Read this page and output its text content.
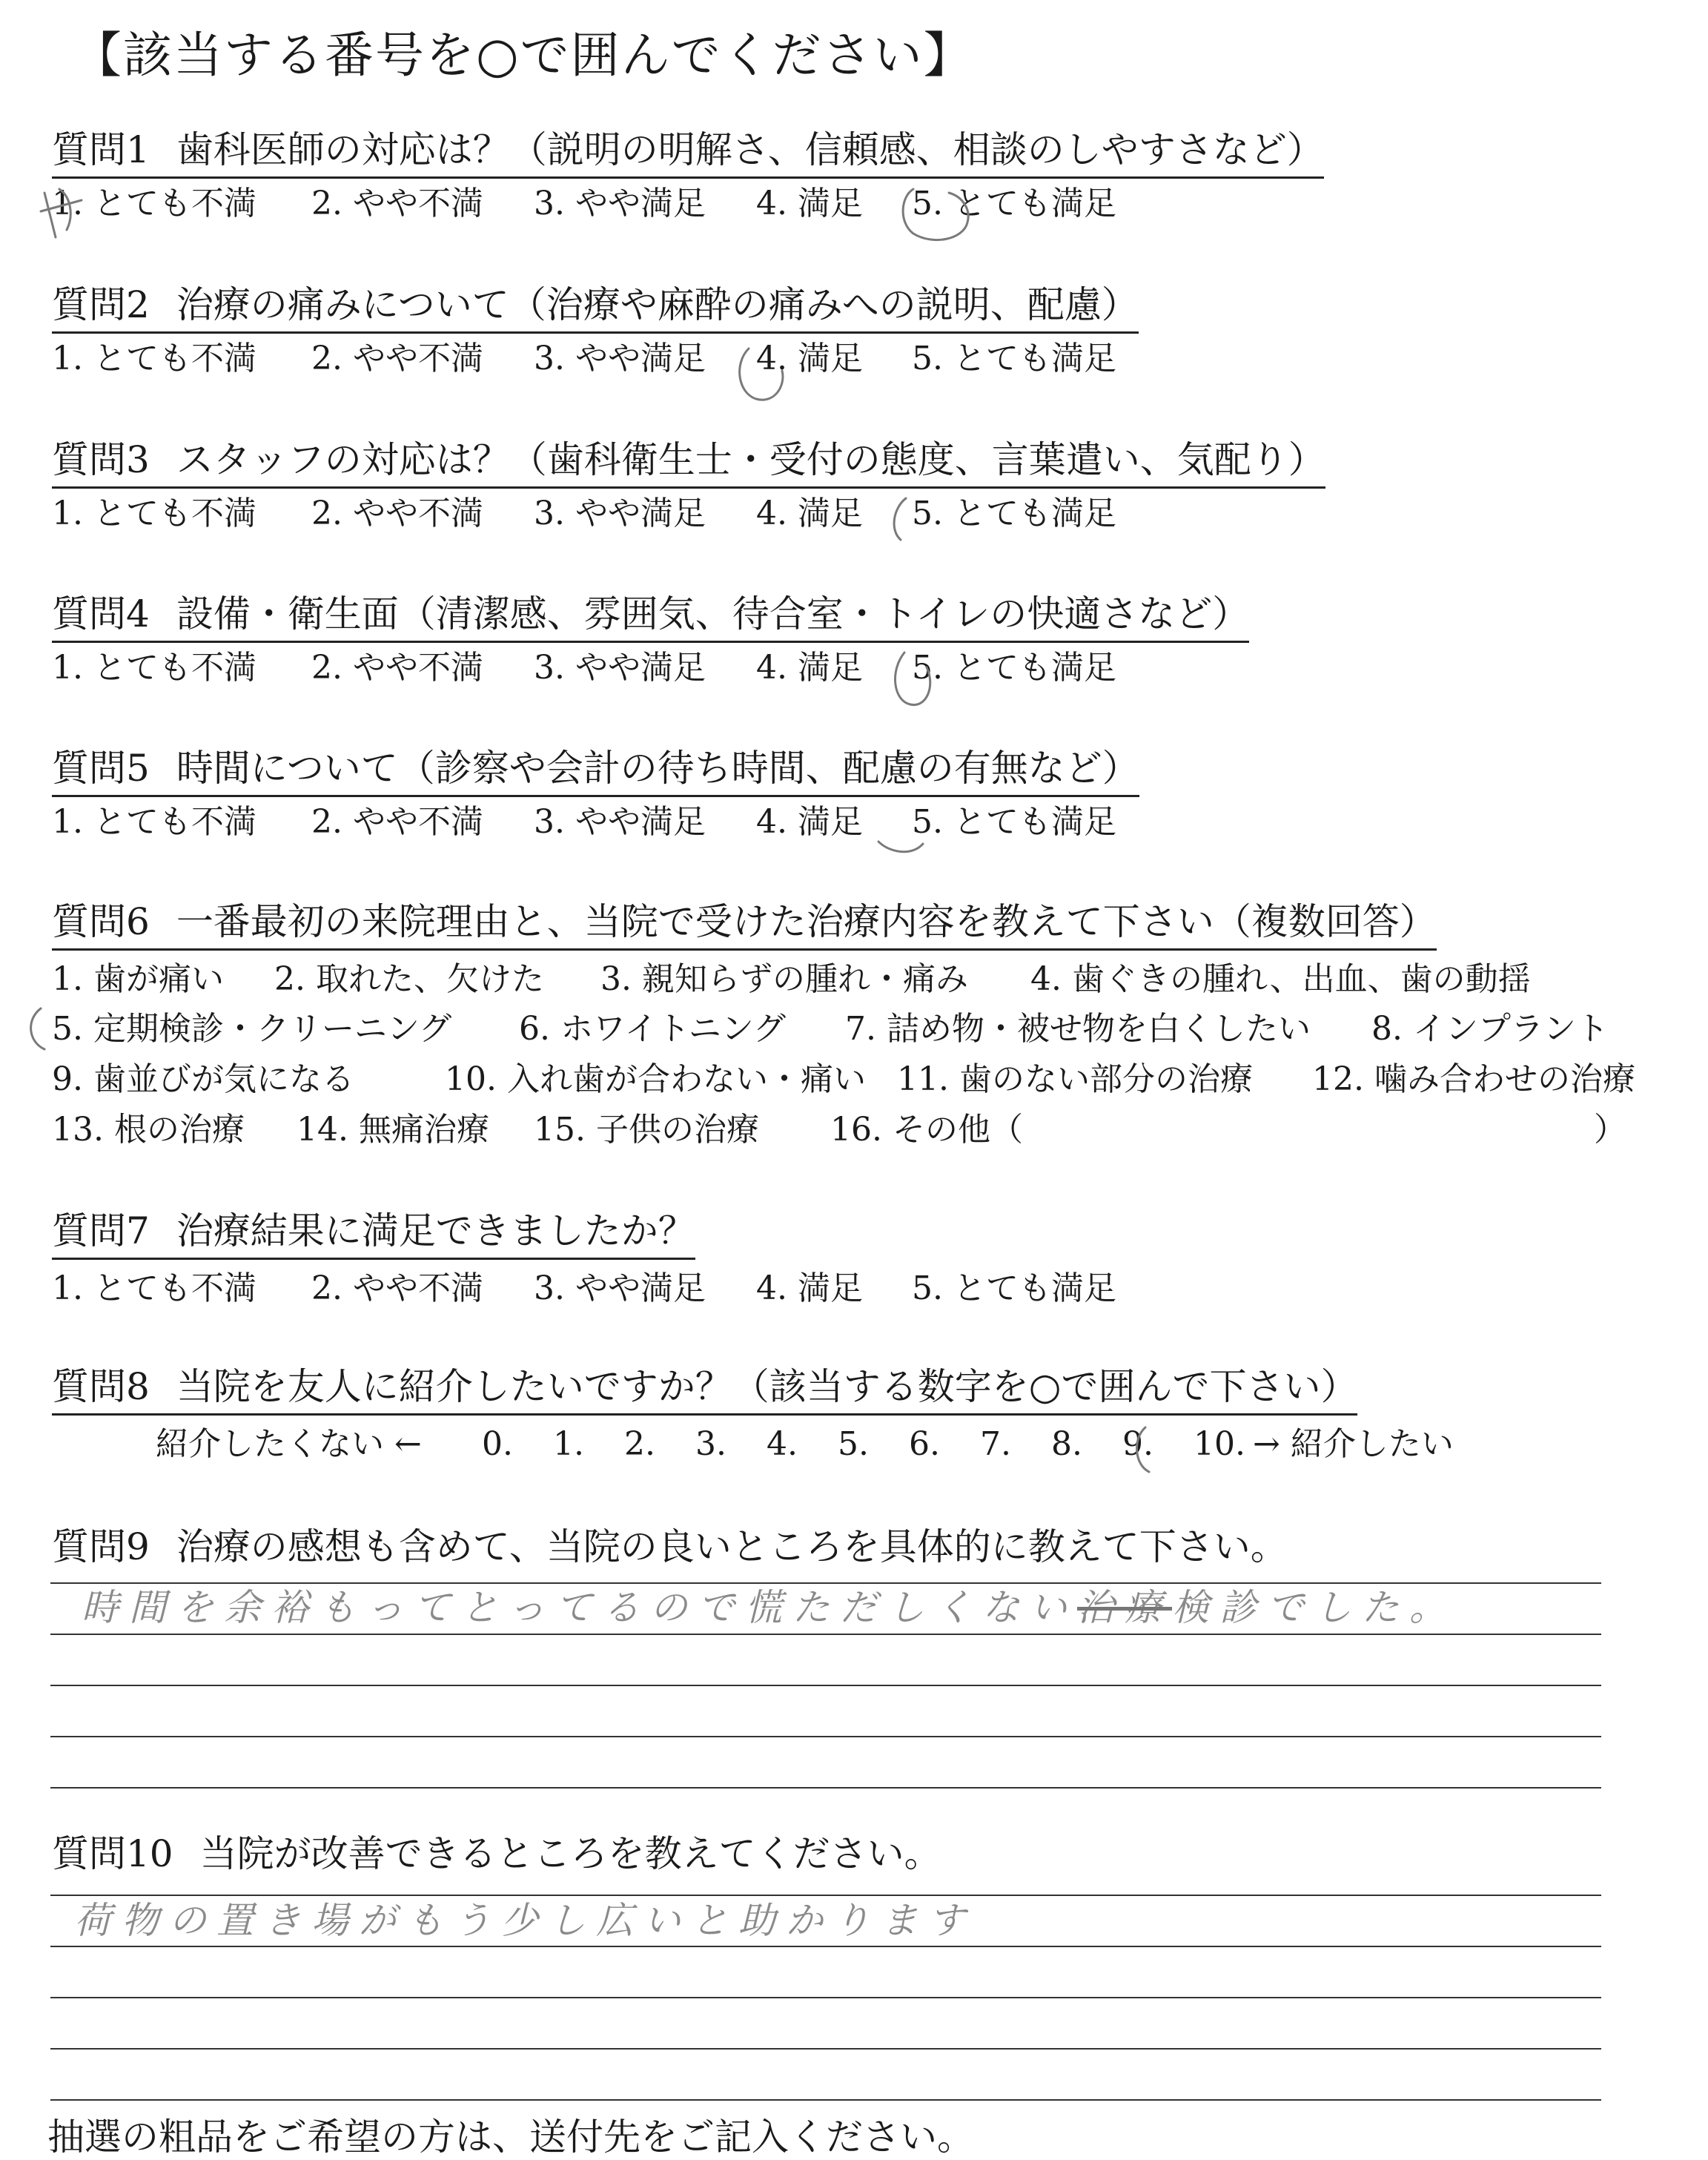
【該当する番号を○で囲んでください】
質問1 歯科医師の対応は？（説明の明解さ、信頼感、相談のしやすさなど）
1. とても不満 2. やや不満 3. やや満足 4. 満足 5. とても満足
質問2 治療の痛みについて（治療や麻酔の痛みへの説明、配慮）
1. とても不満 2. やや不満 3. やや満足 4. 満足 5. とても満足
質問3 スタッフの対応は？（歯科衛生士・受付の態度、言葉遣い、気配り）
1. とても不満 2. やや不満 3. やや満足 4. 満足 5. とても満足
質問4 設備・衛生面（清潔感、雰囲気、待合室・トイレの快適さなど）
1. とても不満 2. やや不満 3. やや満足 4. 満足 5. とても満足
質問5 時間について（診察や会計の待ち時間、配慮の有無など）
1. とても不満 2. やや不満 3. やや満足 4. 満足 5. とても満足
質問6 一番最初の来院理由と、当院で受けた治療内容を教えて下さい（複数回答）
1. 歯が痛い 2. 取れた、欠けた 3. 親知らずの腫れ・痛み 4. 歯ぐきの腫れ、出血、歯の動揺
5. 定期検診・クリーニング 6. ホワイトニング 7. 詰め物・被せ物を白くしたい 8. インプラント
9. 歯並びが気になる	10. 入れ歯が合わない・痛い 11. 歯のない部分の治療 12. 噛み合わせの治療
13. 根の治療 14. 無痛治療 15. 子供の治療 16. その他（	）
質問7 治療結果に満足できましたか？
1. とても不満 2. やや不満 3. やや満足 4. 満足 5. とても満足
質問8 当院を友人に紹介したいですか？（該当する数字を○で囲んで下さい）
紹介したくない ← 0. 1. 2. 3. 4. 5. 6. 7. 8. 9. 10. → 紹介したい
質問9 治療の感想も含めて、当院の良いところを具体的に教えて下さい。
時間を余裕もってとってるので慌ただしくない治療検診でした。
質問10 当院が改善できるところを教えてください。
荷物の置き場がもう少し広いと助かります
抽選の粗品をご希望の方は、送付先をご記入ください。
